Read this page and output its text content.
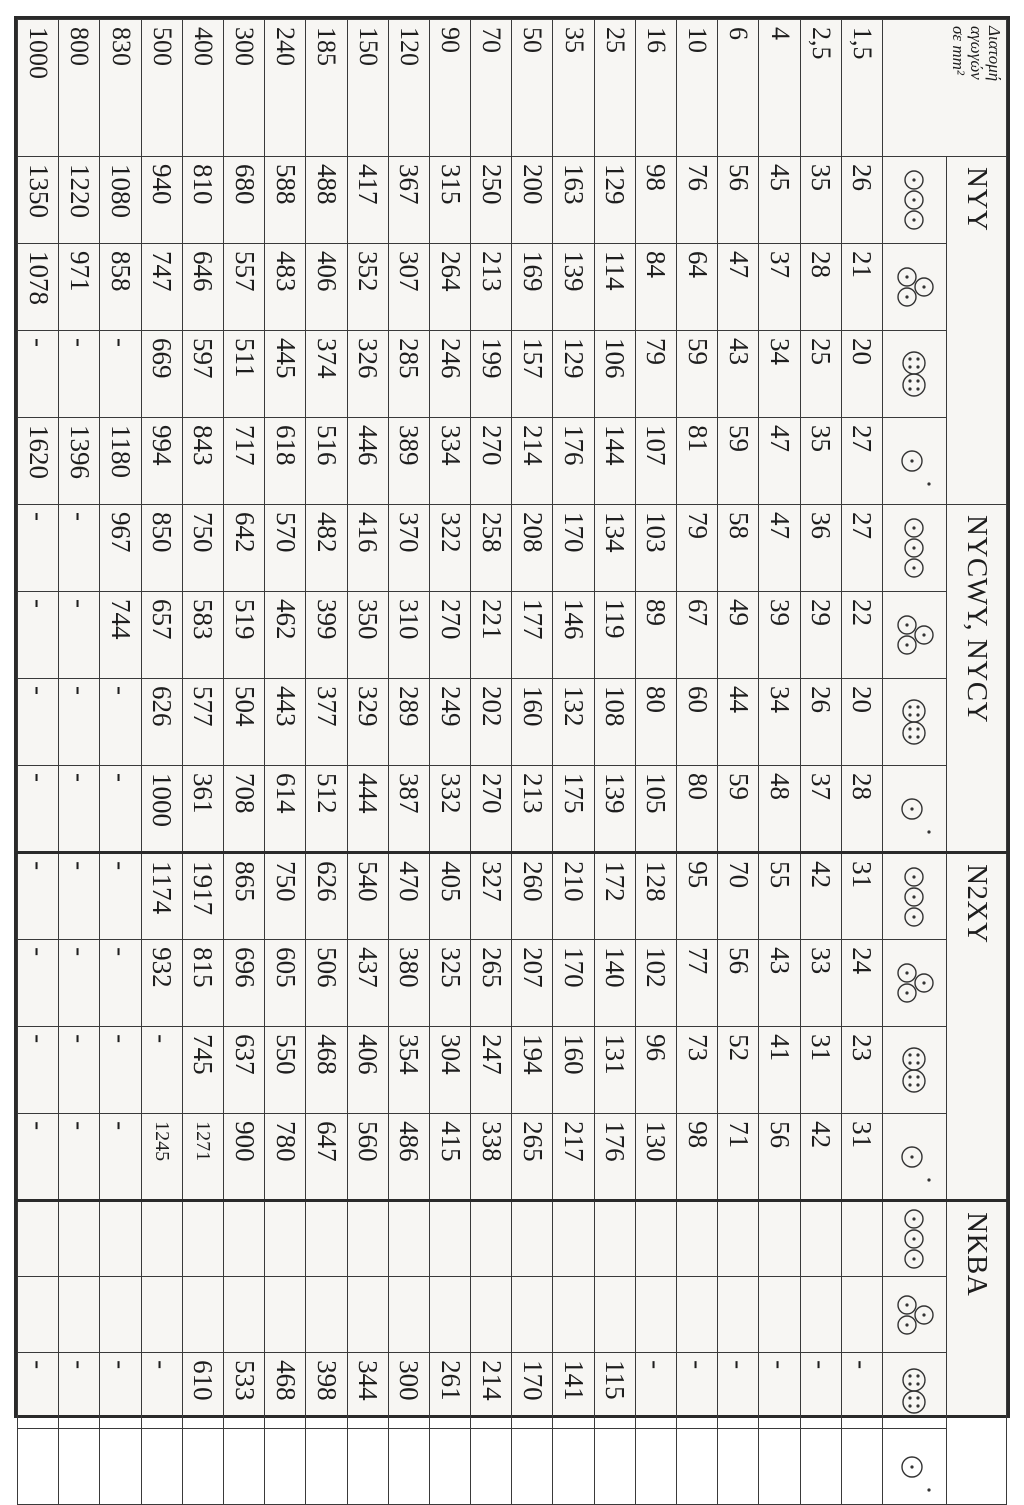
Διατομή
αγωγών
σε mm²	NYY				NYCWY, NYCY				N2XY				NKBA			

1,5	26	21	20	27	27	22	20	28	31	24	23	31			-	
2,5	35	28	25	35	36	29	26	37	42	33	31	42			-	
4	45	37	34	47	47	39	34	48	55	43	41	56			-	
6	56	47	43	59	58	49	44	59	70	56	52	71			-	
10	76	64	59	81	79	67	60	80	95	77	73	98			-	
16	98	84	79	107	103	89	80	105	128	102	96	130			-	
25	129	114	106	144	134	119	108	139	172	140	131	176			115	
35	163	139	129	176	170	146	132	175	210	170	160	217			141	
50	200	169	157	214	208	177	160	213	260	207	194	265			170	
70	250	213	199	270	258	221	202	270	327	265	247	338			214	
90	315	264	246	334	322	270	249	332	405	325	304	415			261	
120	367	307	285	389	370	310	289	387	470	380	354	486			300	
150	417	352	326	446	416	350	329	444	540	437	406	560			344	
185	488	406	374	516	482	399	377	512	626	506	468	647			398	
240	588	483	445	618	570	462	443	614	750	605	550	780			468	
300	680	557	511	717	642	519	504	708	865	696	637	900			533	
400	810	646	597	843	750	583	577	361	1917	815	745	1271			610	
500	940	747	669	994	850	657	626	1000	1174	932	-	1245			-	
830	1080	858	-	1180	967	744	-	-	-	-	-	-			-	
800	1220	971	-	1396	-	-	-	-	-	-	-	-			-	
1000	1350	1078	-	1620	-	-	-	-	-	-	-	-			-	
